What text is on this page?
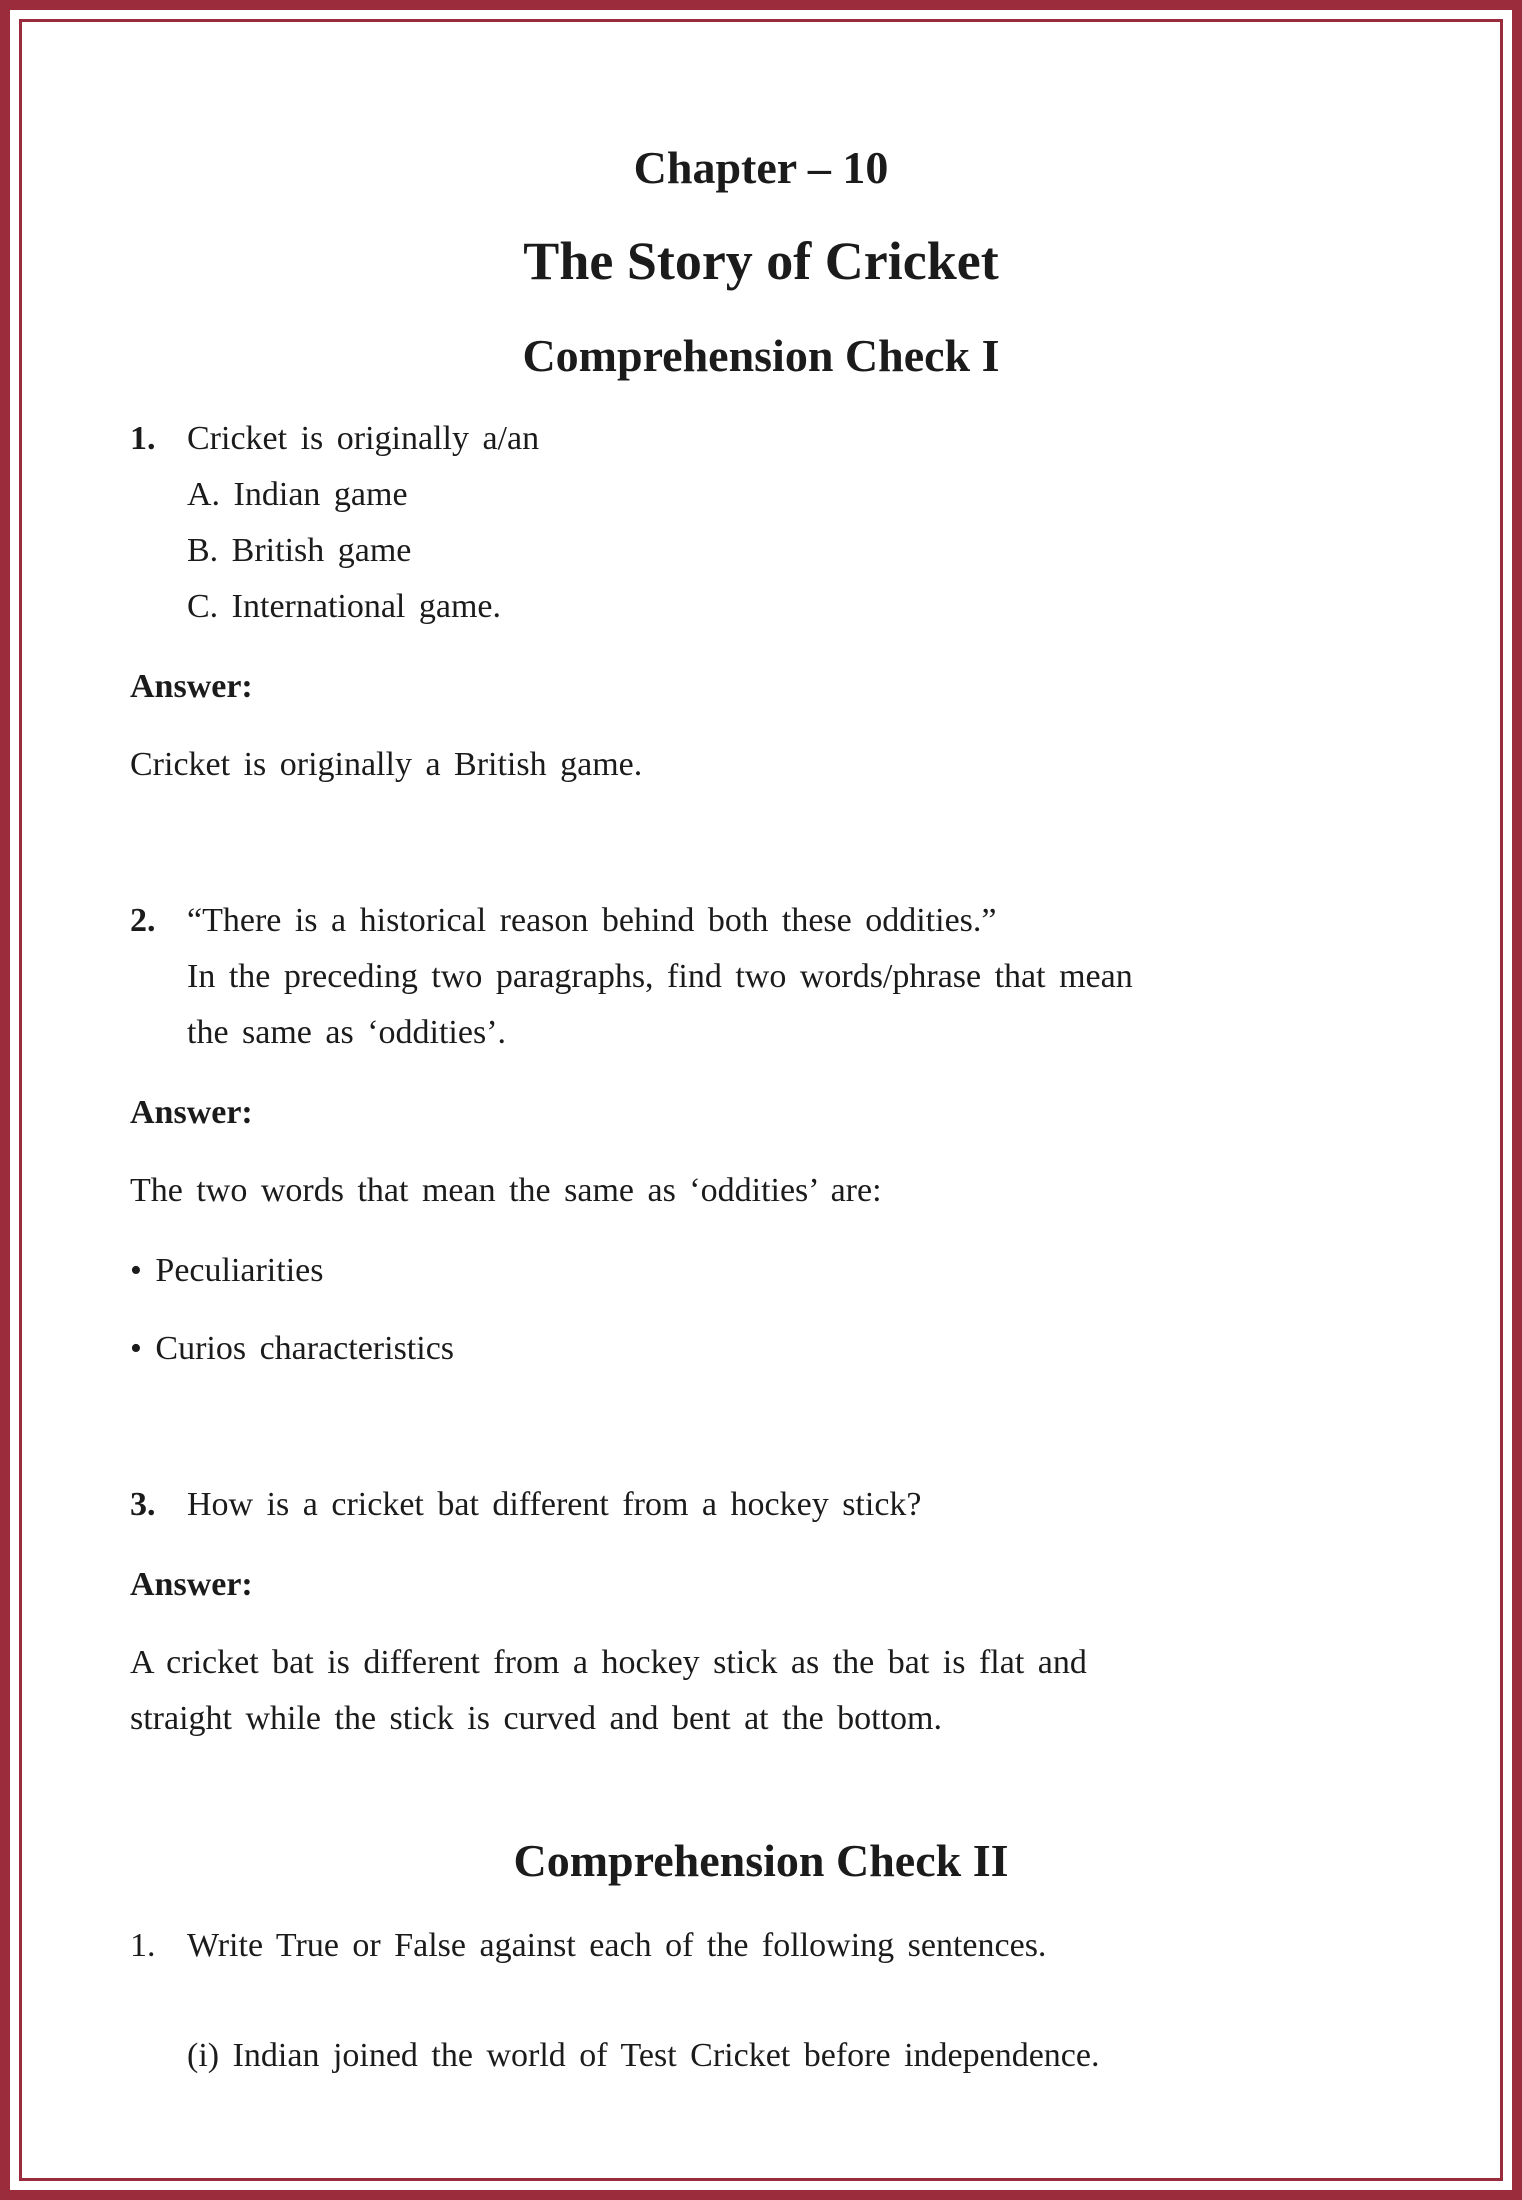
Chapter – 10
The Story of Cricket
Comprehension Check I
1. Cricket is originally a/an
A. Indian game
B. British game
C. International game.

Answer:

Cricket is originally a British game.

2. “There is a historical reason behind both these oddities.”
In the preceding two paragraphs, find two words/phrase that mean
the same as ‘oddities’.

Answer:

The two words that mean the same as ‘oddities’ are:

• Peculiarities

• Curios characteristics

3. How is a cricket bat different from a hockey stick?

Answer:

A cricket bat is different from a hockey stick as the bat is flat and
straight while the stick is curved and bent at the bottom.
Comprehension Check II
1. Write True or False against each of the following sentences.

(i) Indian joined the world of Test Cricket before independence.
